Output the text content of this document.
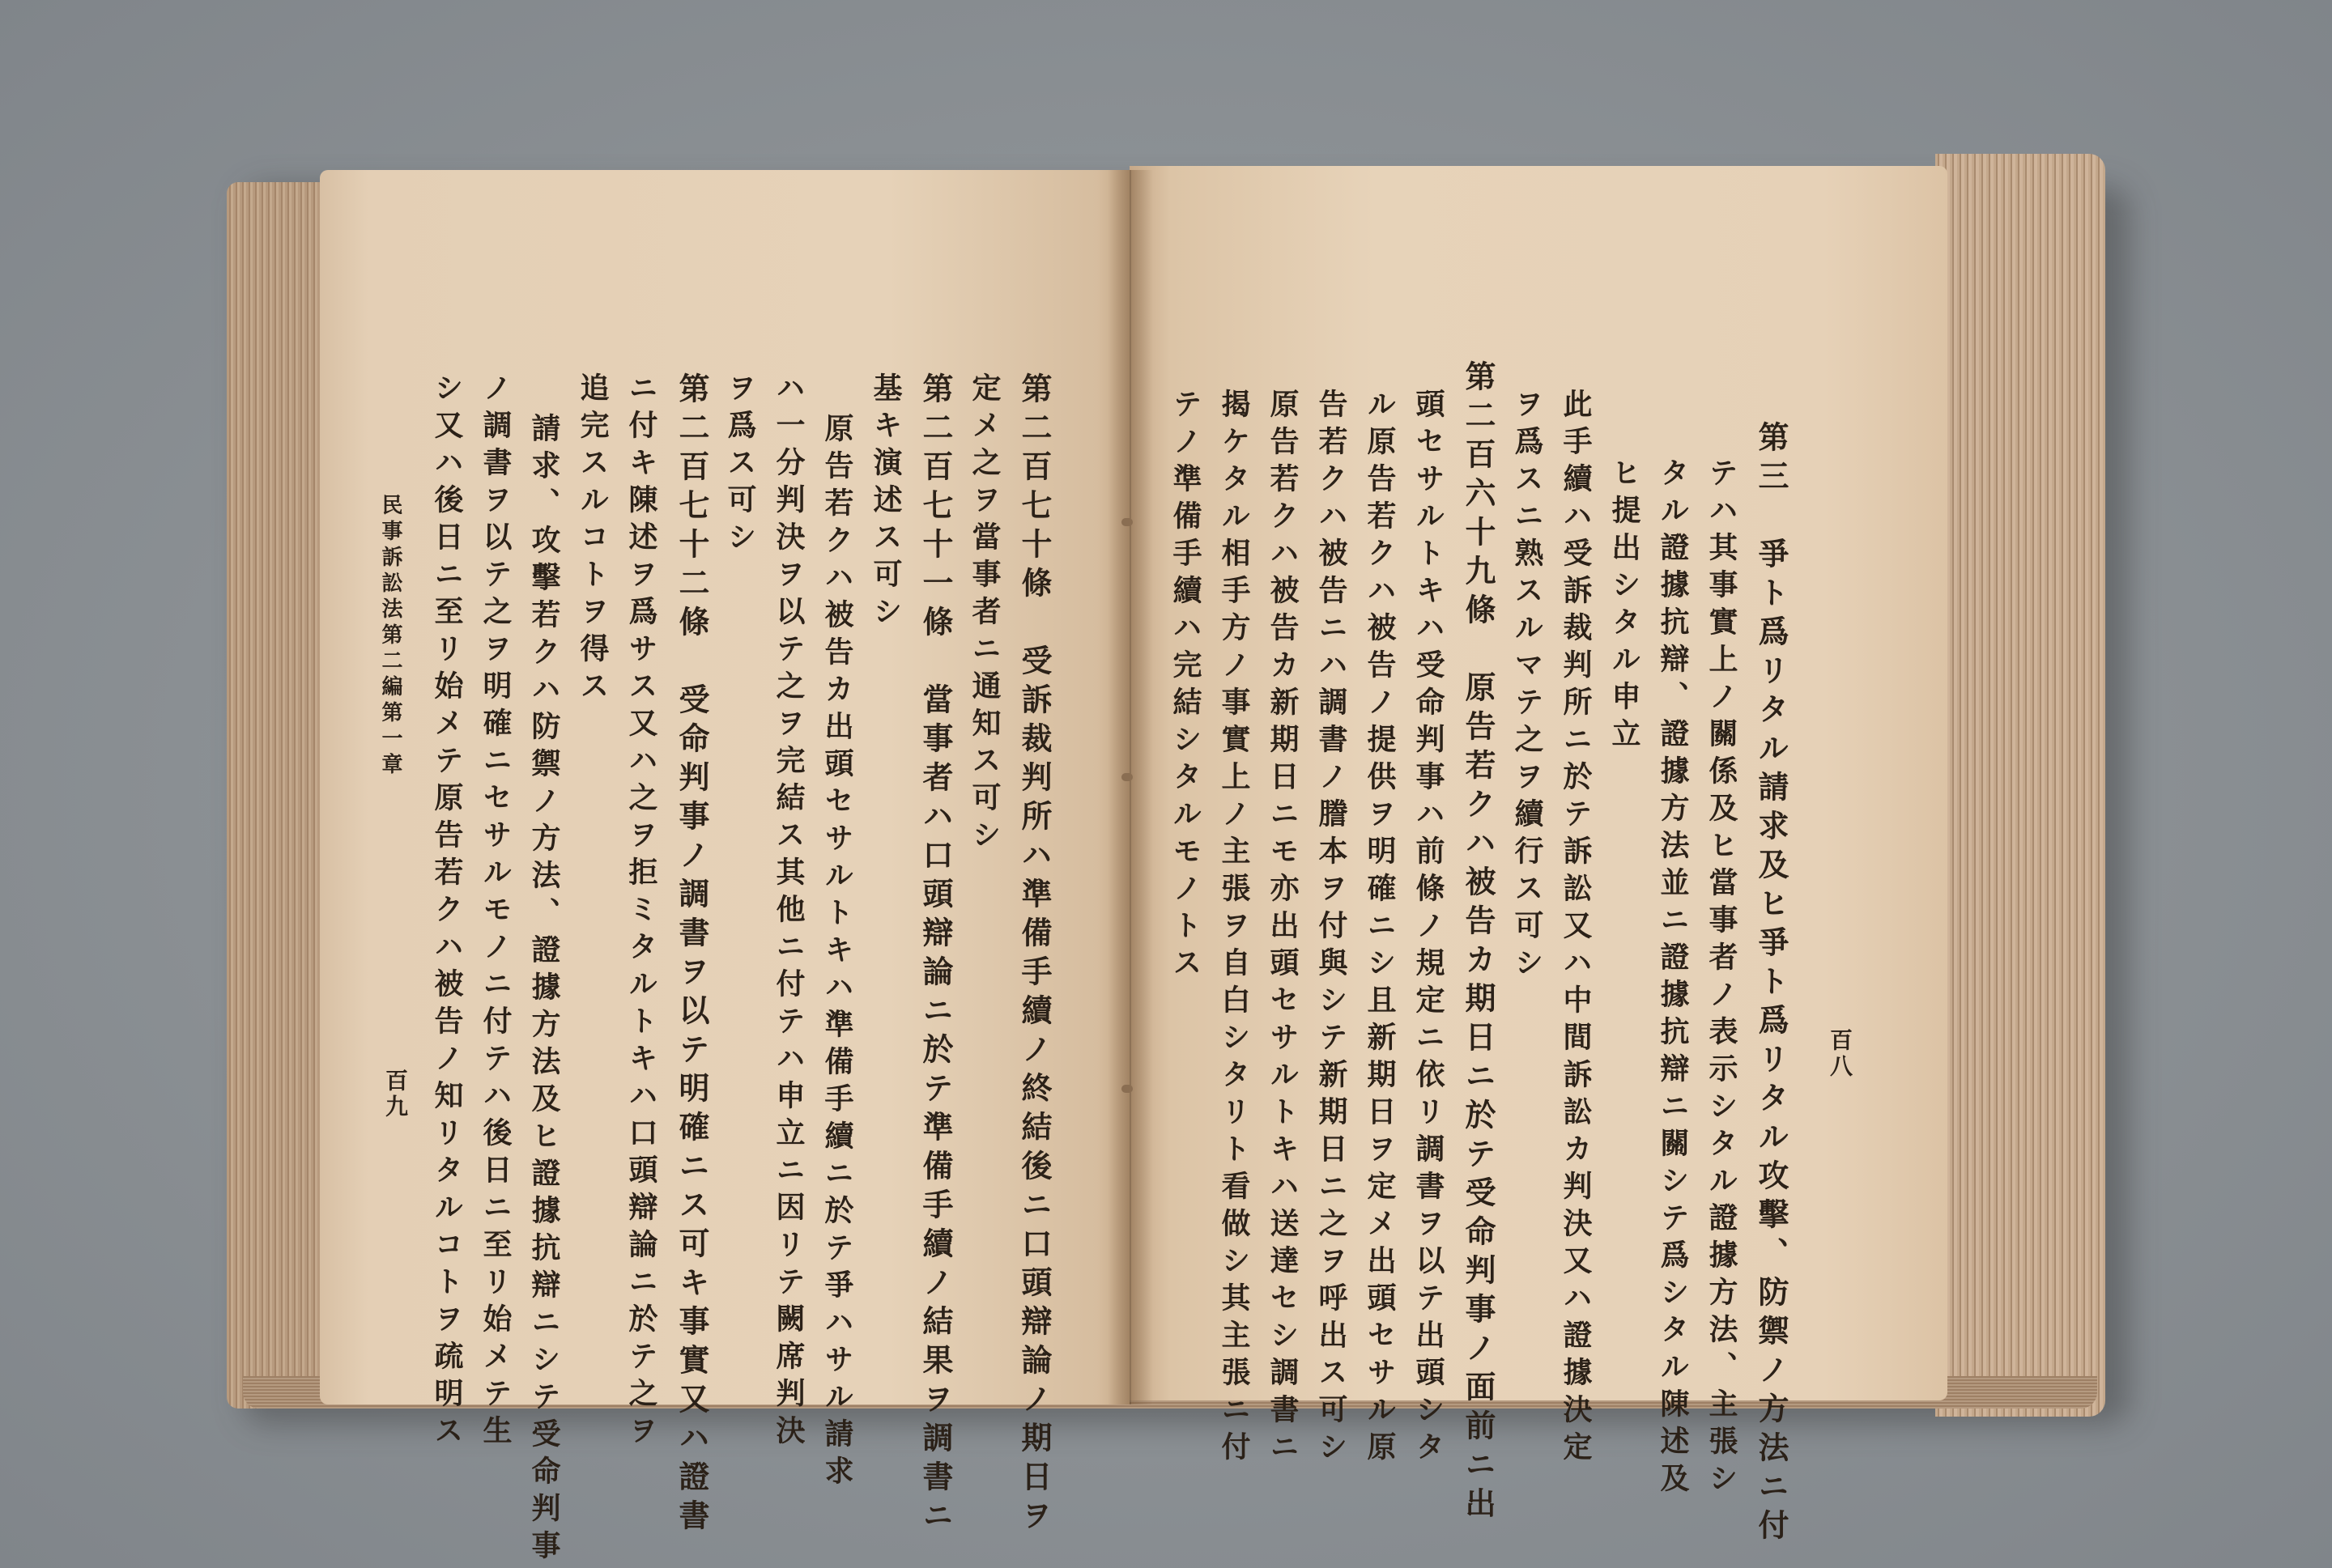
第二百七十條　受訴裁判所ハ準備手續ノ終結後ニ口頭辯論ノ期日ヲ
定メ之ヲ當事者ニ通知ス可シ
第二百七十一條　當事者ハ口頭辯論ニ於テ準備手續ノ結果ヲ調書ニ
基キ演述ス可シ
原告若クハ被告カ出頭セサルトキハ準備手續ニ於テ爭ハサル請求
ハ一分判決ヲ以テ之ヲ完結ス其他ニ付テハ申立ニ因リテ闕席判決
ヲ爲ス可シ
第二百七十二條　受命判事ノ調書ヲ以テ明確ニス可キ事實又ハ證書
ニ付キ陳述ヲ爲サス又ハ之ヲ拒ミタルトキハ口頭辯論ニ於テ之ヲ
追完スルコトヲ得ス
請求、攻擊若クハ防禦ノ方法、證據方法及ヒ證據抗辯ニシテ受命判事
ノ調書ヲ以テ之ヲ明確ニセサルモノニ付テハ後日ニ至リ始メテ生
シ又ハ後日ニ至リ始メテ原告若クハ被告ノ知リタルコトヲ疏明ス
民事訴訟法第二編第一章
百九
百八
第三　爭ト爲リタル請求及ヒ爭ト爲リタル攻擊、防禦ノ方法ニ付
テハ其事實上ノ關係及ヒ當事者ノ表示シタル證據方法、主張シ
タル證據抗辯、證據方法並ニ證據抗辯ニ關シテ爲シタル陳述及
ヒ提出シタル申立
此手續ハ受訴裁判所ニ於テ訴訟又ハ中間訴訟カ判決又ハ證據決定
ヲ爲スニ熟スルマテ之ヲ續行ス可シ
第二百六十九條　原告若クハ被告カ期日ニ於テ受命判事ノ面前ニ出
頭セサルトキハ受命判事ハ前條ノ規定ニ依リ調書ヲ以テ出頭シタ
ル原告若クハ被告ノ提供ヲ明確ニシ且新期日ヲ定メ出頭セサル原
告若クハ被告ニハ調書ノ謄本ヲ付與シテ新期日ニ之ヲ呼出ス可シ
原告若クハ被告カ新期日ニモ亦出頭セサルトキハ送達セシ調書ニ
揭ケタル相手方ノ事實上ノ主張ヲ自白シタリト看做シ其主張ニ付
テノ準備手續ハ完結シタルモノトス
